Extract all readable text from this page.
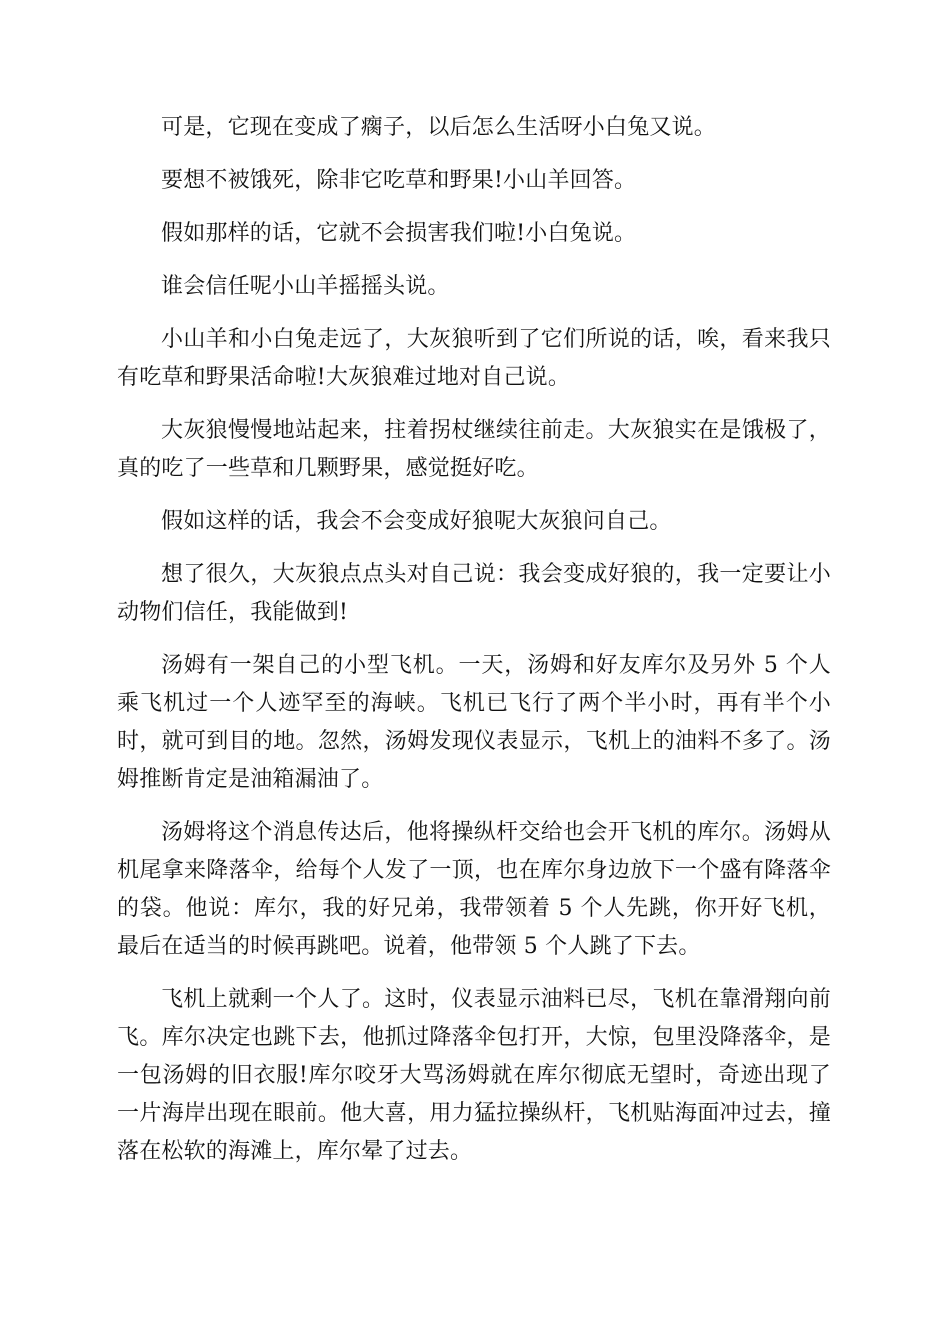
可是，它现在变成了瘸子，以后怎么生活呀小白兔又说。

要想不被饿死，除非它吃草和野果!小山羊回答。

假如那样的话，它就不会损害我们啦!小白兔说。

谁会信任呢小山羊摇摇头说。

小山羊和小白兔走远了，大灰狼听到了它们所说的话，唉，看来我只有吃草和野果活命啦!大灰狼难过地对自己说。

大灰狼慢慢地站起来，拄着拐杖继续往前走。大灰狼实在是饿极了，真的吃了一些草和几颗野果，感觉挺好吃。

假如这样的话，我会不会变成好狼呢大灰狼问自己。

想了很久，大灰狼点点头对自己说：我会变成好狼的，我一定要让小动物们信任，我能做到!

汤姆有一架自己的小型飞机。一天，汤姆和好友库尔及另外 5 个人乘飞机过一个人迹罕至的海峡。飞机已飞行了两个半小时，再有半个小时，就可到目的地。忽然，汤姆发现仪表显示，飞机上的油料不多了。汤姆推断肯定是油箱漏油了。

汤姆将这个消息传达后，他将操纵杆交给也会开飞机的库尔。汤姆从机尾拿来降落伞，给每个人发了一顶，也在库尔身边放下一个盛有降落伞的袋。他说：库尔，我的好兄弟，我带领着 5 个人先跳，你开好飞机，最后在适当的时候再跳吧。说着，他带领 5 个人跳了下去。

飞机上就剩一个人了。这时，仪表显示油料已尽，飞机在靠滑翔向前飞。库尔决定也跳下去，他抓过降落伞包打开，大惊，包里没降落伞，是一包汤姆的旧衣服!库尔咬牙大骂汤姆就在库尔彻底无望时，奇迹出现了一片海岸出现在眼前。他大喜，用力猛拉操纵杆，飞机贴海面冲过去，撞落在松软的海滩上，库尔晕了过去。
